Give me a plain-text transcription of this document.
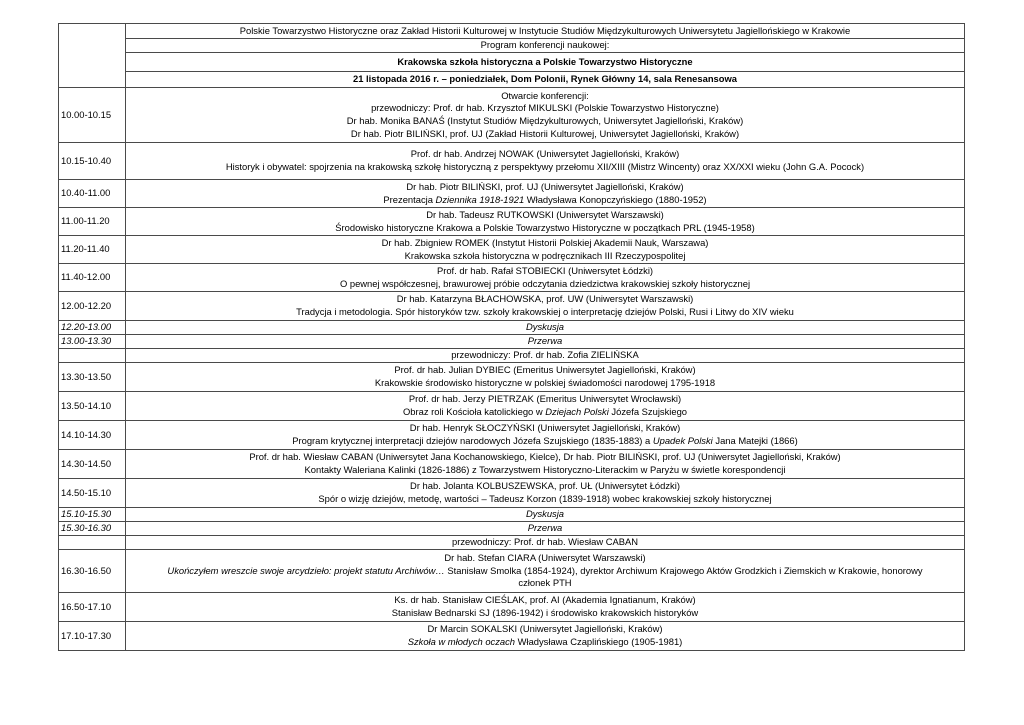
	Polskie Towarzystwo Historyczne oraz Zakład Historii Kulturowej w Instytucie Studiów Międzykulturowych Uniwersytetu Jagiellońskiego w Krakowie
	Program konferencji naukowej:
	Krakowska szkoła historyczna a Polskie Towarzystwo Historyczne
	21 listopada 2016 r. – poniedziałek, Dom Polonii, Rynek Główny 14, sala Renesansowa
10.00-10.15	Otwarcie konferencji:
przewodniczy: Prof. dr hab. Krzysztof MIKULSKI (Polskie Towarzystwo Historyczne)
Dr hab. Monika BANAŚ (Instytut Studiów Międzykulturowych, Uniwersytet Jagielloński, Kraków)
Dr hab. Piotr BILIŃSKI, prof. UJ (Zakład Historii Kulturowej, Uniwersytet Jagielloński, Kraków)

10.15-10.40	Prof. dr hab. Andrzej NOWAK (Uniwersytet Jagielloński, Kraków)
Historyk i obywatel: spojrzenia na krakowską szkołę historyczną z perspektywy przełomu XII/XIII (Mistrz Wincenty) oraz XX/XXI wieku (John G.A. Pocock)

10.40-11.00	Dr hab. Piotr BILIŃSKI, prof. UJ (Uniwersytet Jagielloński, Kraków)
Prezentacja Dziennika 1918-1921 Władysława Konopczyńskiego (1880-1952)

11.00-11.20	Dr hab. Tadeusz RUTKOWSKI (Uniwersytet Warszawski)
Środowisko historyczne Krakowa a Polskie Towarzystwo Historyczne w początkach PRL (1945-1958)

11.20-11.40	Dr hab. Zbigniew ROMEK (Instytut Historii Polskiej Akademii Nauk, Warszawa)
Krakowska szkoła historyczna w podręcznikach III Rzeczypospolitej

11.40-12.00	Prof. dr hab. Rafał STOBIECKI (Uniwersytet Łódzki)
O pewnej współczesnej, brawurowej próbie odczytania dziedzictwa krakowskiej szkoły historycznej

12.00-12.20	Dr hab. Katarzyna BŁACHOWSKA, prof. UW (Uniwersytet Warszawski)
Tradycja i metodologia. Spór historyków tzw. szkoły krakowskiej o interpretację dziejów Polski, Rusi i Litwy do XIV wieku

12.20-13.00	Dyskusja
13.00-13.30	Przerwa
	przewodniczy: Prof. dr hab. Zofia ZIELIŃSKA
13.30-13.50	Prof. dr hab. Julian DYBIEC (Emeritus Uniwersytet Jagielloński, Kraków)
Krakowskie środowisko historyczne w polskiej świadomości narodowej 1795-1918

13.50-14.10	Prof. dr hab. Jerzy PIETRZAK (Emeritus Uniwersytet Wrocławski)
Obraz roli Kościoła katolickiego w Dziejach Polski Józefa Szujskiego

14.10-14.30	Dr hab. Henryk SŁOCZYŃSKI (Uniwersytet Jagielloński, Kraków)
Program krytycznej interpretacji dziejów narodowych Józefa Szujskiego (1835-1883) a Upadek Polski Jana Matejki (1866)

14.30-14.50	Prof. dr hab. Wiesław CABAN (Uniwersytet Jana Kochanowskiego, Kielce), Dr hab. Piotr BILIŃSKI, prof. UJ (Uniwersytet Jagielloński, Kraków)
Kontakty Waleriana Kalinki (1826-1886) z Towarzystwem Historyczno-Literackim w Paryżu w świetle korespondencji

14.50-15.10	Dr hab. Jolanta KOLBUSZEWSKA, prof. UŁ (Uniwersytet Łódzki)
Spór o wizję dziejów, metodę, wartości – Tadeusz Korzon (1839-1918) wobec krakowskiej szkoły historycznej

15.10-15.30	Dyskusja
15.30-16.30	Przerwa
	przewodniczy: Prof. dr hab. Wiesław CABAN
16.30-16.50	Dr hab. Stefan CIARA (Uniwersytet Warszawski)
Ukończyłem wreszcie swoje arcydzieło: projekt statutu Archiwów… Stanisław Smolka (1854-1924), dyrektor Archiwum Krajowego Aktów Grodzkich i Ziemskich w Krakowie, honorowy
członek PTH

16.50-17.10	Ks. dr hab. Stanisław CIEŚLAK, prof. AI (Akademia Ignatianum, Kraków)
Stanisław Bednarski SJ (1896-1942) i środowisko krakowskich historyków

17.10-17.30	Dr Marcin SOKALSKI (Uniwersytet Jagielloński, Kraków)
Szkoła w młodych oczach Władysława Czaplińskiego (1905-1981)
